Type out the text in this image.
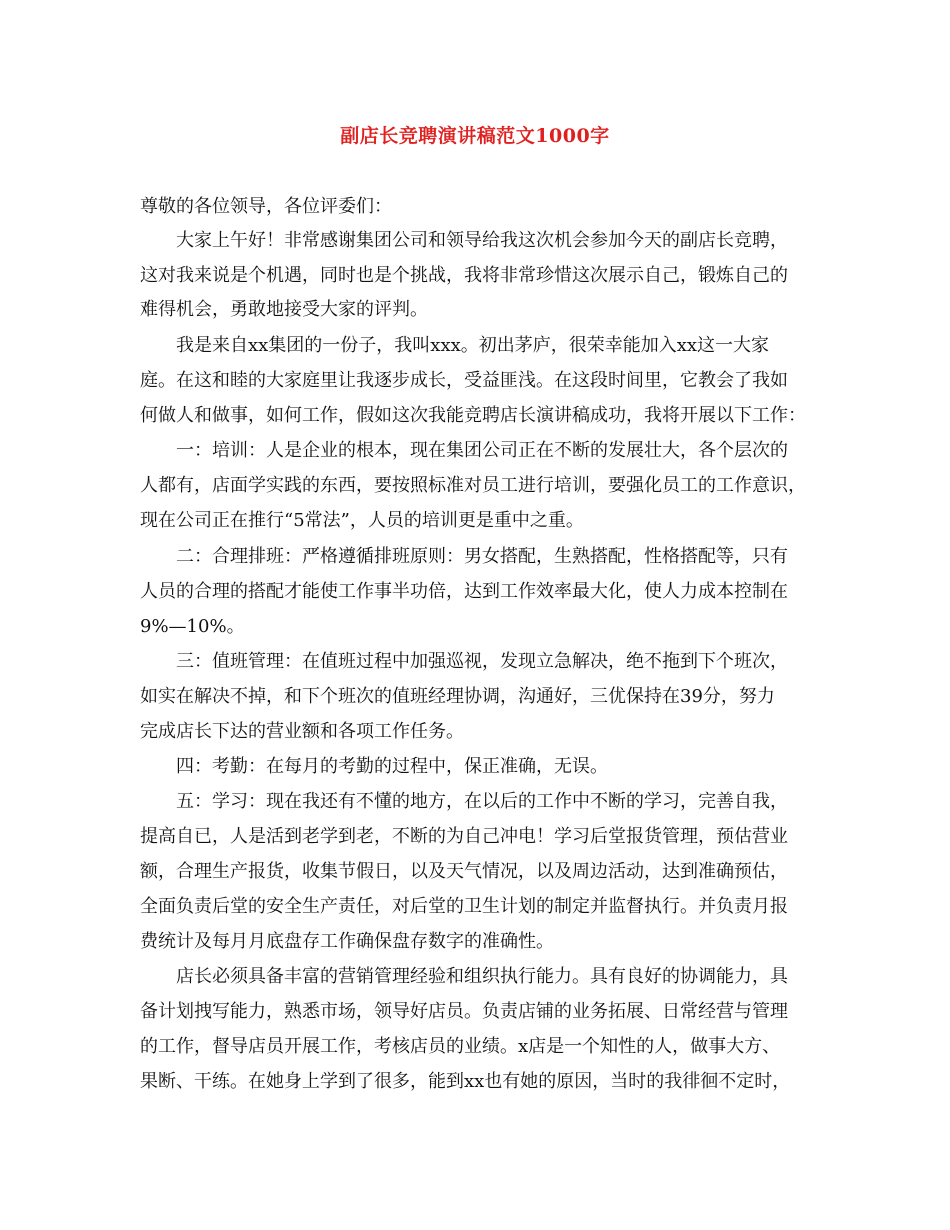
副店长竞聘演讲稿范文1000字
尊敬的各位领导，各位评委们：
大家上午好！非常感谢集团公司和领导给我这次机会参加今天的副店长竞聘，
这对我来说是个机遇，同时也是个挑战，我将非常珍惜这次展示自己，锻炼自己的
难得机会，勇敢地接受大家的评判。
我是来自xx集团的一份子，我叫xxx。初出茅庐，很荣幸能加入xx这一大家
庭。在这和睦的大家庭里让我逐步成长，受益匪浅。在这段时间里，它教会了我如
何做人和做事，如何工作，假如这次我能竞聘店长演讲稿成功，我将开展以下工作：
一：培训：人是企业的根本，现在集团公司正在不断的发展壮大，各个层次的
人都有，店面学实践的东西，要按照标准对员工进行培训，要强化员工的工作意识，
现在公司正在推行“5常法”，人员的培训更是重中之重。
二：合理排班：严格遵循排班原则：男女搭配，生熟搭配，性格搭配等，只有
人员的合理的搭配才能使工作事半功倍，达到工作效率最大化，使人力成本控制在
9%—10%。
三：值班管理：在值班过程中加强巡视，发现立急解决，绝不拖到下个班次，
如实在解决不掉，和下个班次的值班经理协调，沟通好，三优保持在39分，努力
完成店长下达的营业额和各项工作任务。
四：考勤：在每月的考勤的过程中，保正准确，无误。
五：学习：现在我还有不懂的地方，在以后的工作中不断的学习，完善自我，
提高自已，人是活到老学到老，不断的为自己冲电！学习后堂报货管理，预估营业
额，合理生产报货，收集节假日，以及天气情况，以及周边活动，达到准确预估，
全面负责后堂的安全生产责任，对后堂的卫生计划的制定并监督执行。并负责月报
费统计及每月月底盘存工作确保盘存数字的准确性。
店长必须具备丰富的营销管理经验和组织执行能力。具有良好的协调能力，具
备计划拽写能力，熟悉市场，领导好店员。负责店铺的业务拓展、日常经营与管理
的工作，督导店员开展工作，考核店员的业绩。x店是一个知性的人，做事大方、
果断、干练。在她身上学到了很多，能到xx也有她的原因，当时的我徘徊不定时，
